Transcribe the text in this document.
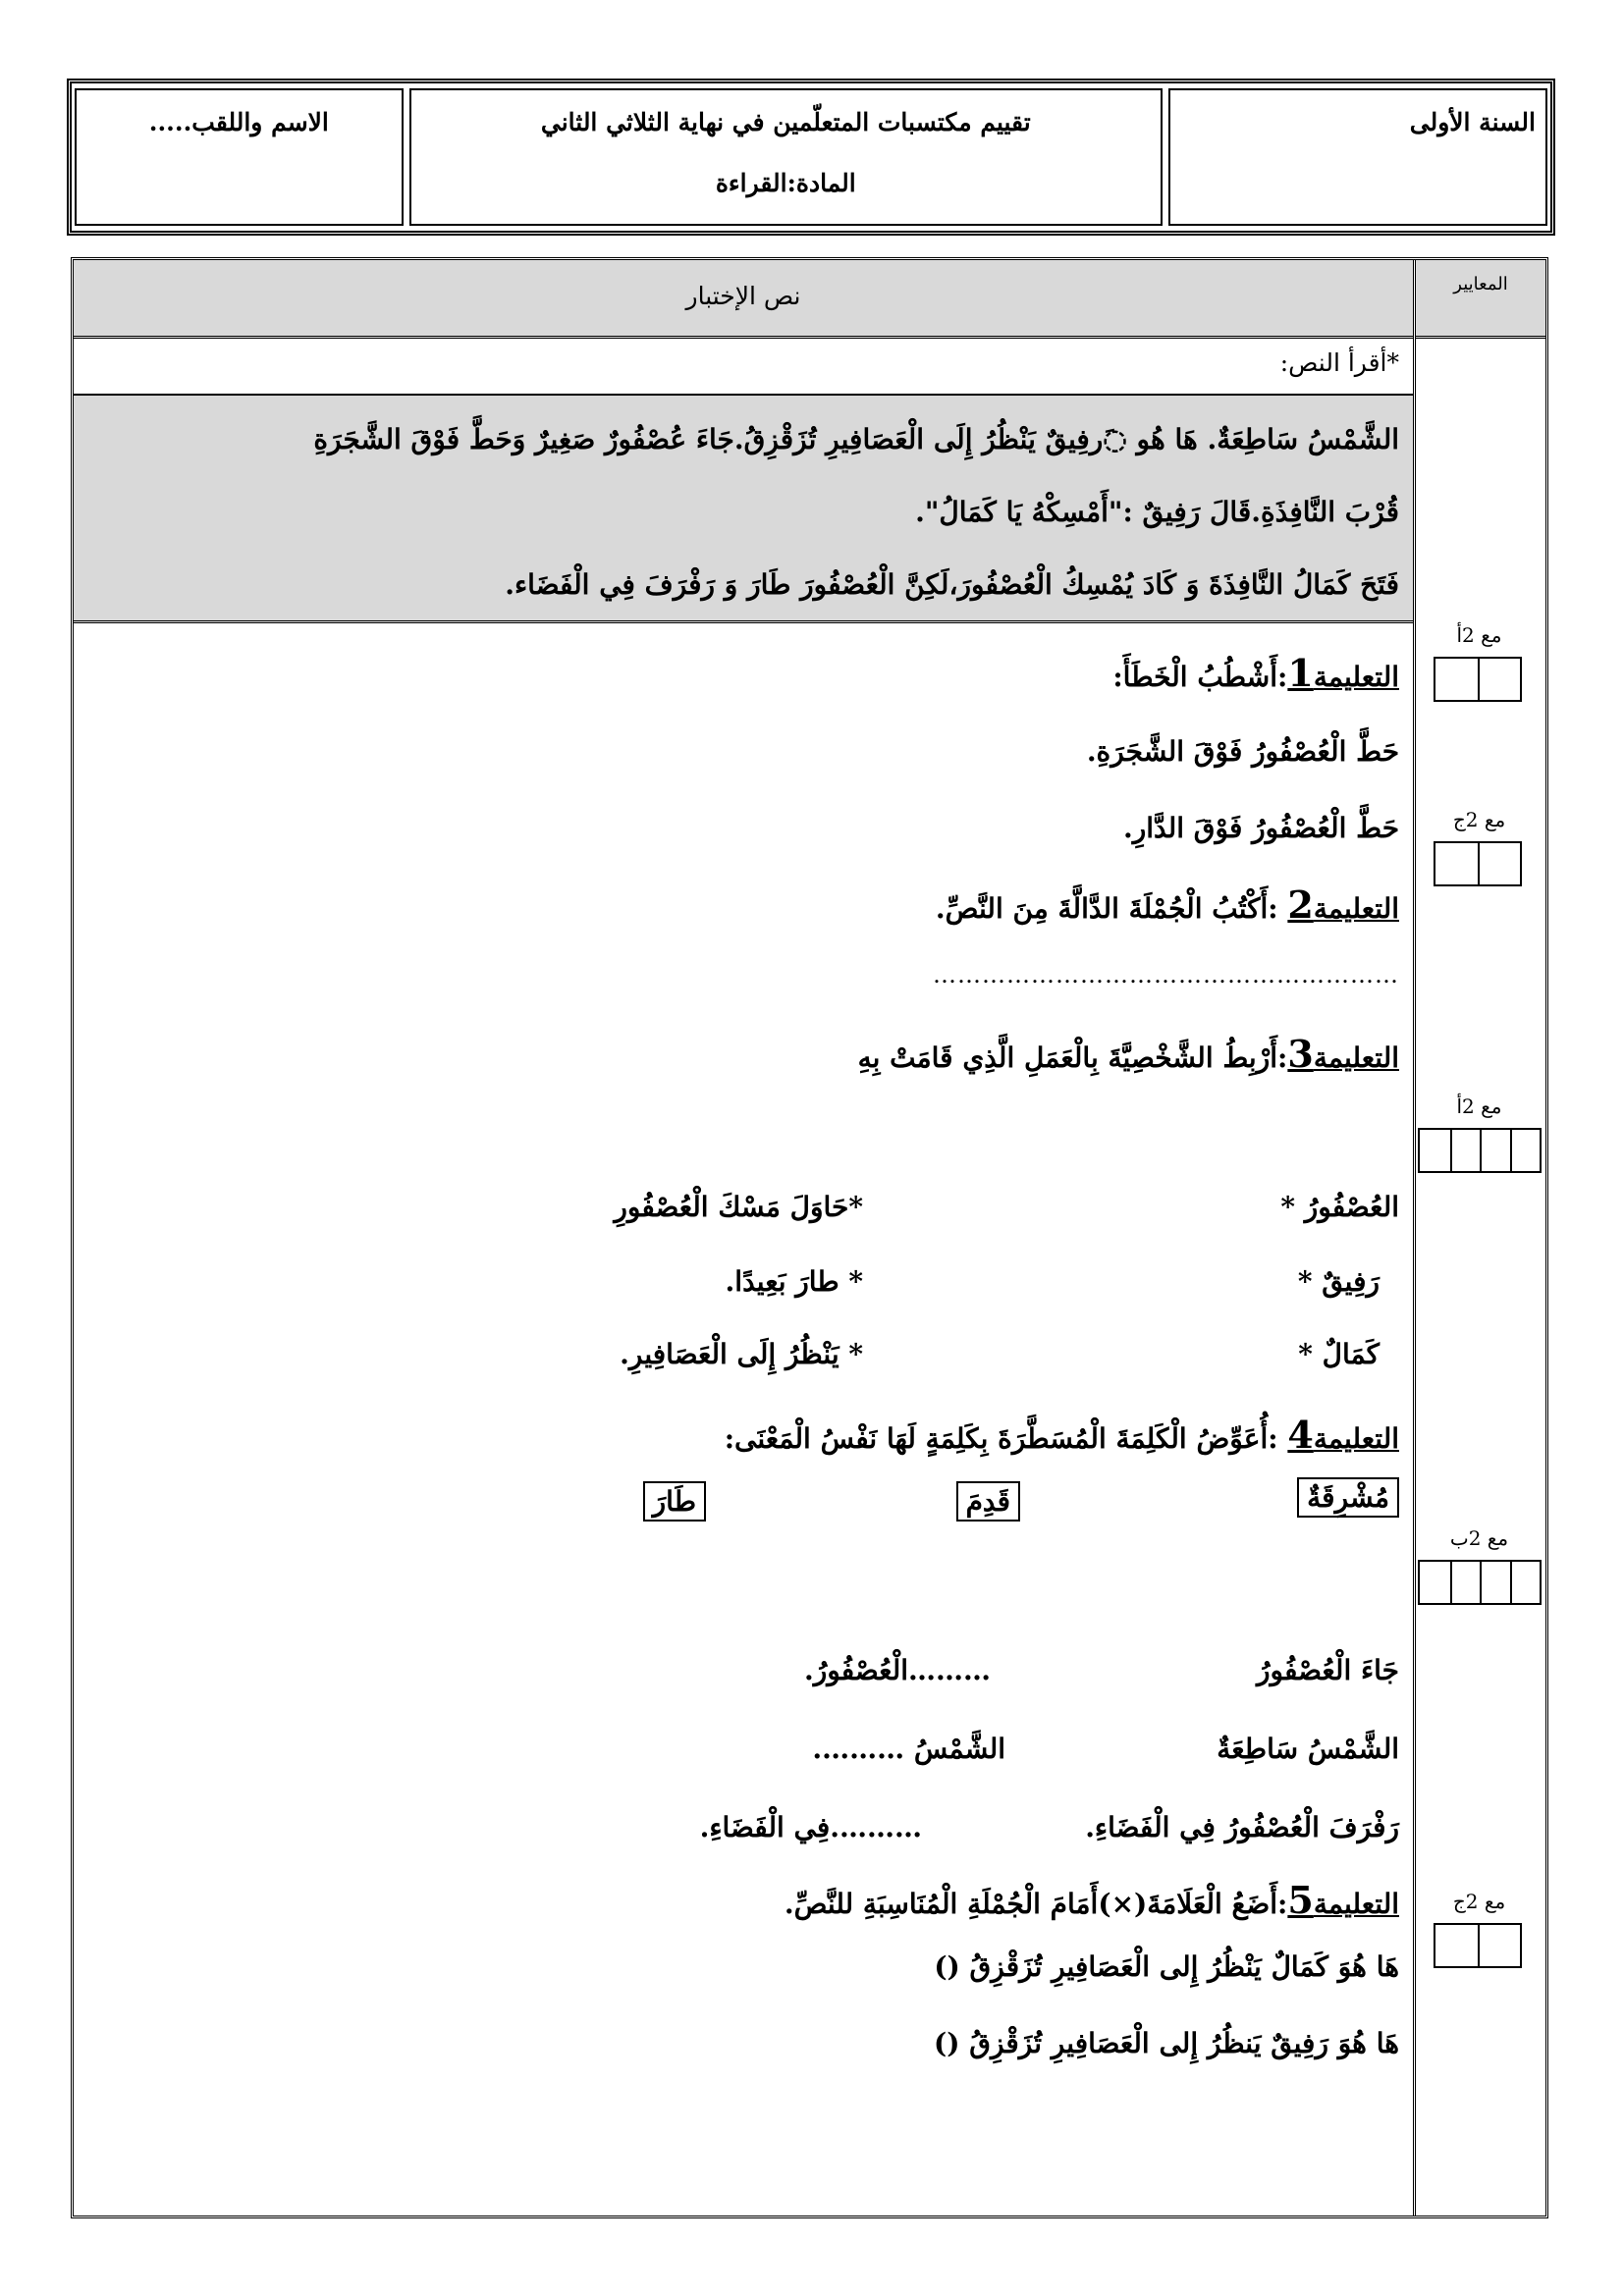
السنة الأولى
تقييم مكتسبات المتعلّمين في نهاية الثلاثي الثاني
المادة:القراءة
الاسم واللقب.....
المعايير
مع 2أ
مع 2ج
مع 2أ
مع 2ب
مع 2ج
نص الإختبار
*أقرأ النص:
الشَّمْسُ سَاطِعَةٌ. هَا هُو ◌َرفِيقٌ يَنْظُرُ إِلَى الْعَصَافِيرِ تُزَقْزِقُ.جَاءَ عُصْفُورٌ صَغِيرٌ وَحَطَّ فَوْقَ الشَّجَرَةِ
قُرْبَ النَّافِذَةِ.قَالَ رَفِيقٌ :"أَمْسِكْهُ يَا كَمَالُ".
فَتَحَ كَمَالُ النَّافِذَةَ وَ كَادَ يُمْسِكُ الْعُصْفُورَ،لَكِنَّ الْعُصْفُورَ طَارَ وَ رَفْرَفَ فِي الْفَضَاء.
التعليمة1:أَشْطُبُ الْخَطَأَ:
حَطَّ الْعُصْفُورُ فَوْقَ الشَّجَرَةِ.
حَطَّ الْعُصْفُورُ فَوْقَ الدَّارِ.
التعليمة2 :أَكْتُبُ الْجُمْلَةَ الدَّالَّةَ مِنَ النَّصِّ.
…………………………………………………
التعليمة3:أَرْبِطُ الشَّخْصِيَّةَ بِالْعَمَلِ الَّذِي قَامَتْ بِهِ
العُصْفُورُ *
*حَاوَلَ مَسْكَ الْعُصْفُورِ
رَفِيقٌ *
* طارَ بَعِيدًا.
كَمَالٌ *
* يَنْظُرُ إِلَى الْعَصَافِيرِ.
التعليمة4 :أُعَوِّضُ الْكَلِمَةَ الْمُسَطَّرَةَ بِكَلِمَةٍ لَهَا نَفْسُ الْمَعْنَى:
مُشْرِقَةٌ
قَدِمَ
طَارَ
جَاءَ الْعُصْفُورُ
………الْعُصْفُورُ.
الشَّمْسُ سَاطِعَةٌ
الشَّمْسُ ……….
رَفْرَفَ الْعُصْفُورُ فِي الْفَضَاءِ.
……….فِي الْفَضَاءِ.
التعليمة5:أَضَعُ الْعَلَامَةَ(×)أَمَامَ الْجُمْلَةِ الْمُنَاسِبَةِ للنَّصِّ.
هَا هُوَ كَمَالٌ يَنْظُرُ إِلى الْعَصَافِيرِ تُزَقْزِقُ ()
هَا هُوَ رَفِيقٌ يَنظُرُ إِلى الْعَصَافِيرِ تُزَقْزِقُ ()
